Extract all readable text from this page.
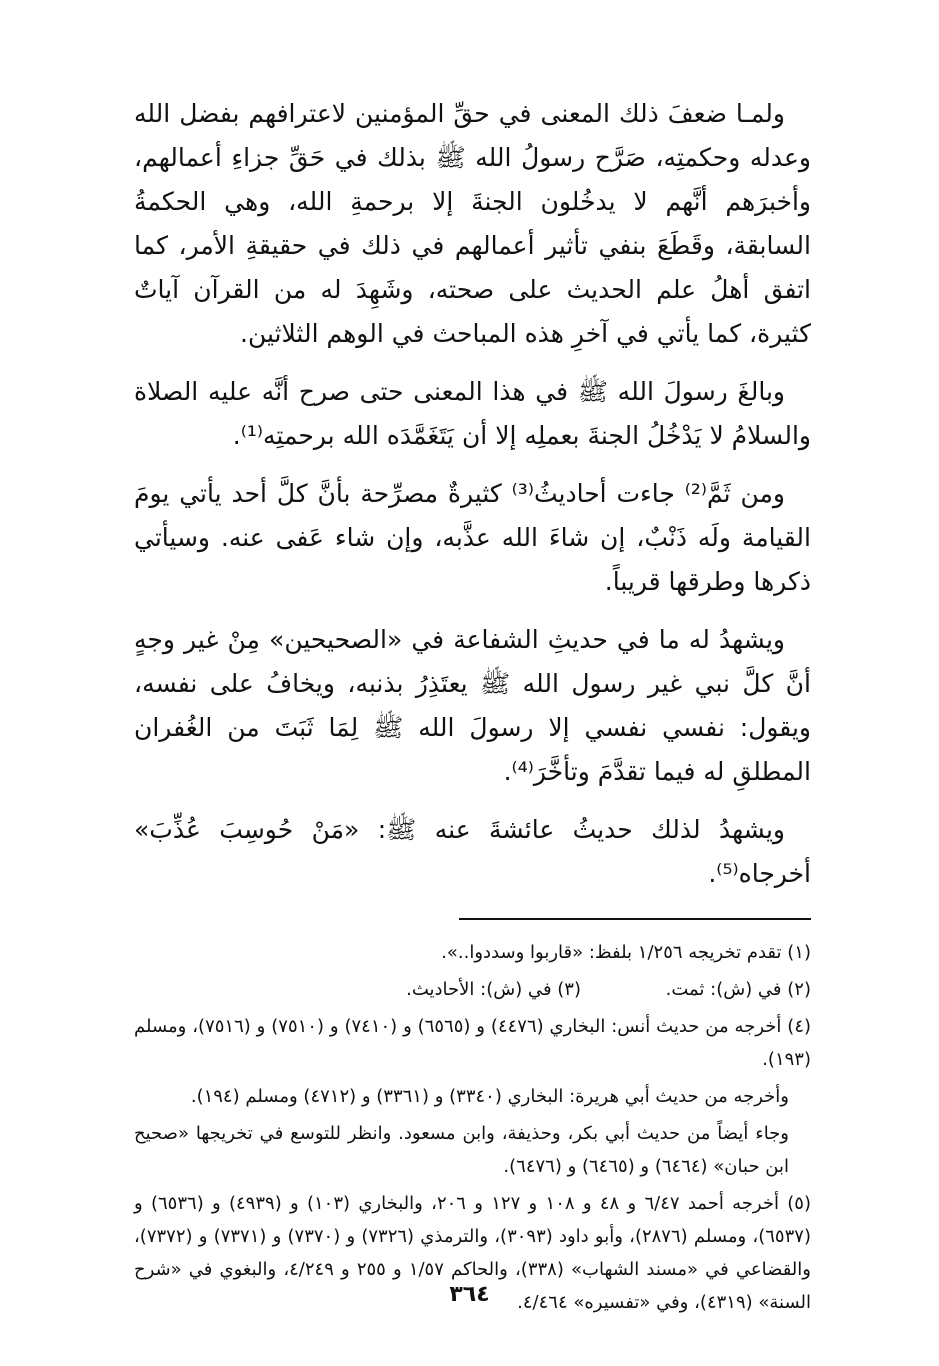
ولمـا ضعفَ ذلك المعنى في حقِّ المؤمنين لاعترافهم بفضل الله وعدله وحكمتِه، صَرَّح رسولُ الله ﷺ بذلك في حَقِّ جزاءِ أعمالهم، وأخبرَهم أنَّهم لا يدخُلون الجنةَ إلا برحمةِ الله، وهي الحكمةُ السابقة، وقَطَعَ بنفي تأثير أعمالهم في ذلك في حقيقةِ الأمر، كما اتفق أهلُ علم الحديث على صحته، وشَهِدَ له من القرآن آياتٌ كثيرة، كما يأتي في آخرِ هذه المباحث في الوهم الثلاثين.

وبالغَ رسولَ الله ﷺ في هذا المعنى حتى صرح أنَّه عليه الصلاة والسلامُ لا يَدْخُلُ الجنةَ بعملِه إلا أن يَتَغَمَّدَه الله برحمتِه⁽¹⁾.

ومن ثَمَّ⁽²⁾ جاءت أحاديثُ⁽³⁾ كثيرةٌ مصرِّحة بأنَّ كلَّ أحد يأتي يومَ القيامة ولَه ذَنْبٌ، إن شاءَ الله عذَّبه، وإن شاء عَفى عنه. وسيأتي ذكرها وطرقها قريباً.

ويشهدُ له ما في حديثِ الشفاعة في «الصحيحين» مِنْ غير وجهٍ أنَّ كلَّ نبي غير رسول الله ﷺ يعتَذِرُ بذنبه، ويخافُ على نفسه، ويقول: نفسي نفسي إلا رسولَ الله ﷺ لِمَا ثَبَتَ من الغُفران المطلقِ له فيما تقدَّمَ وتأخَّرَ⁽⁴⁾.

ويشهدُ لذلك حديثُ عائشةَ عنه ﷺ: «مَنْ حُوسِبَ عُذِّبَ» أخرجاه⁽⁵⁾.

(١) تقدم تخريجه ١/٢٥٦ بلفظ: «قاربوا وسددوا..».

(٢) في (ش): ثمت.
(٣) في (ش): الأحاديث.

(٤) أخرجه من حديث أنس: البخاري (٤٤٧٦) و (٦٥٦٥) و (٧٤١٠) و (٧٥١٠) و (٧٥١٦)، ومسلم (١٩٣).

وأخرجه من حديث أبي هريرة: البخاري (٣٣٤٠) و (٣٣٦١) و (٤٧١٢) ومسلم (١٩٤).

وجاء أيضاً من حديث أبي بكر، وحذيفة، وابن مسعود. وانظر للتوسع في تخريجها «صحيح ابن حبان» (٦٤٦٤) و (٦٤٦٥) و (٦٤٧٦).

(٥) أخرجه أحمد ٦/٤٧ و ٤٨ و ١٠٨ و ١٢٧ و ٢٠٦، والبخاري (١٠٣) و (٤٩٣٩) و (٦٥٣٦) و (٦٥٣٧)، ومسلم (٢٨٧٦)، وأبو داود (٣٠٩٣)، والترمذي (٧٣٢٦) و (٧٣٧٠) و (٧٣٧١) و (٧٣٧٢)، والقضاعي في «مسند الشهاب» (٣٣٨)، والحاكم ١/٥٧ و ٢٥٥ و ٤/٢٤٩، والبغوي في «شرح السنة» (٤٣١٩)، وفي «تفسيره» ٤/٤٦٤.

٣٦٤
